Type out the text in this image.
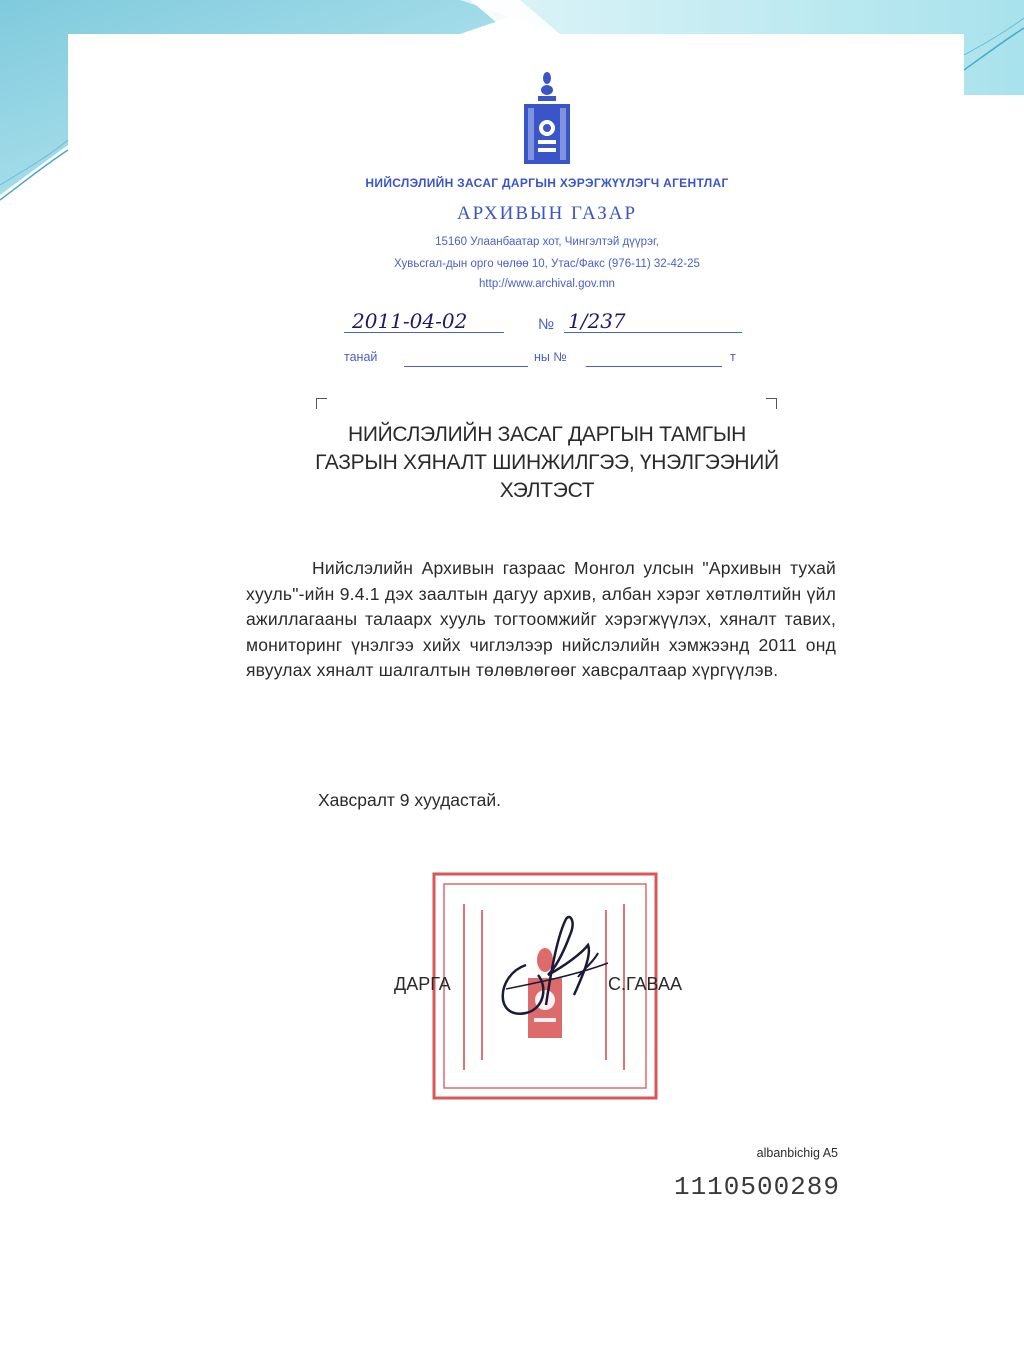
НИЙСЛЭЛИЙН ЗАСАГ ДАРГЫН ХЭРЭГЖҮҮЛЭГЧ АГЕНТЛАГ
АРХИВЫН ГАЗАР
15160 Улаанбаатар хот, Чингэлтэй дүүрэг,
Хувьсгал-дын орго чөлөө 10, Утас/Факс (976-11) 32-42-25
http://www.archival.gov.mn
2011-04-02	№ 1/237
танай	ны №	т
НИЙСЛЭЛИЙН ЗАСАГ ДАРГЫН ТАМГЫН
ГАЗРЫН ХЯНАЛТ ШИНЖИЛГЭЭ, ҮНЭЛГЭЭНИЙ
ХЭЛТЭСТ
Нийслэлийн Архивын газраас Монгол улсын "Архивын тухай хууль"-ийн 9.4.1 дэх заалтын дагуу архив, албан хэрэг хөтлөлтийн үйл ажиллагааны талаарх хууль тогтоомжийг хэрэгжүүлэх, хяналт тавих, мониторинг үнэлгээ хийх чиглэлээр нийслэлийн хэмжээнд 2011 онд явуулах хяналт шалгалтын төлөвлөгөөг хавсралтаар хүргүүлэв.
Хавсралт 9 хуудастай.
ДАРГА	С.ГАВАА
albanbichig A5
1110500289
